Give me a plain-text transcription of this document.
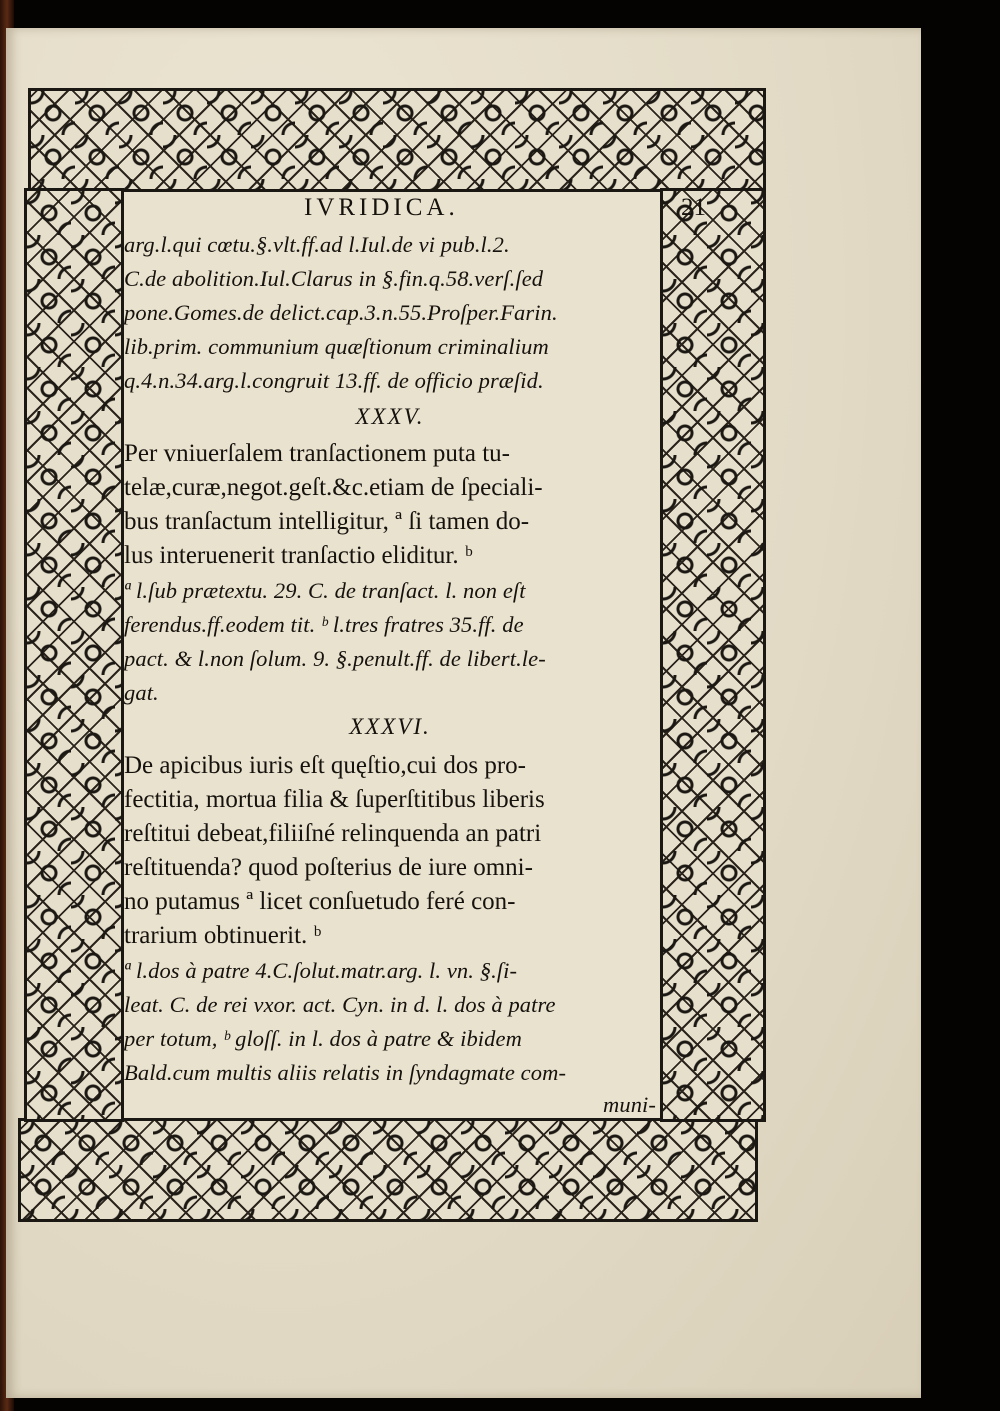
IVRIDICA.	21
arg.l.qui cœtu.§.vlt.ff.ad l.Iul.de vi pub.l.2.
C.de abolition.Iul.Clarus in §.fin.q.58.verſ.ſed
pone.Gomes.de delict.cap.3.n.55.Proſper.Farin.
lib.prim. communium quæſtionum criminalium
q.4.n.34.arg.l.congruit 13.ff. de officio præſid.
XXXV.
Per vniuerſalem tranſactionem puta tu-
telæ,curæ,negot.geſt.&c.etiam de ſpeciali-
bus tranſactum intelligitur, ª ſi tamen do-
lus interuenerit tranſactio eliditur. ᵇ
ª l.ſub prætextu. 29. C. de tranſact. l. non eſt
ferendus.ff.eodem tit. ᵇ l.tres fratres 35.ff. de
pact. & l.non ſolum. 9. §.penult.ff. de libert.le-
gat.
XXXVI.
De apicibus iuris eſt quęſtio,cui dos pro-
fectitia, mortua filia & ſuperſtitibus liberis
reſtitui debeat,filiiſné relinquenda an patri
reſtituenda? quod poſterius de iure omni-
no putamus ª licet conſuetudo feré con-
trarium obtinuerit. ᵇ
ª l.dos à patre 4.C.ſolut.matr.arg. l. vn. §.ſi-
leat. C. de rei vxor. act. Cyn. in d. l. dos à patre
per totum, ᵇ gloſſ. in l. dos à patre & ibidem
Bald.cum multis aliis relatis in ſyndagmate com-
muni-
